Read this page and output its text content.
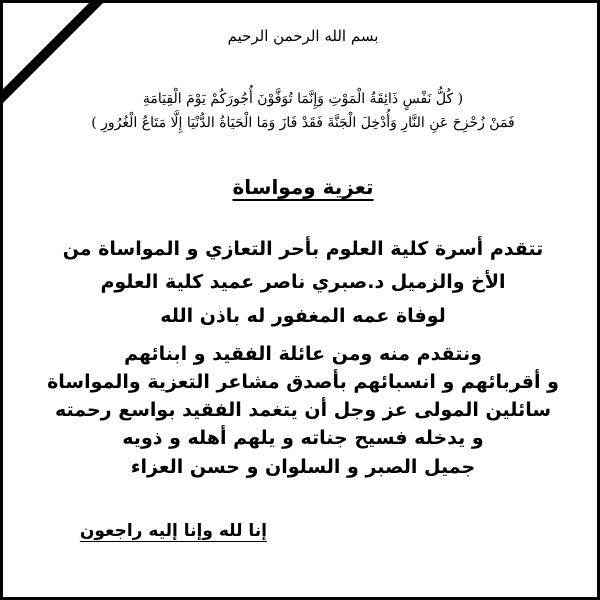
بسم الله الرحمن الرحيم
( كُلُّ نَفْسٍ ذَائِقَةُ الْمَوْتِ وَإِنَّمَا تُوَفَّوْنَ أُجُورَكُمْ يَوْمَ الْقِيَامَةِ
فَمَنْ زُحْزِحَ عَنِ النَّارِ وَأُدْخِلَ الْجَنَّةَ فَقَدْ فَازَ وَمَا الْحَيَاةُ الدُّنْيَا إِلَّا مَتَاعُ الْغُرُورِ )
تعزية ومواساة
تتقدم أسرة كلية العلوم بأحر التعازي و المواساة من
الأخ والزميل د.صبري ناصر عميد كلية العلوم
لوفاة عمه المغفور له باذن الله
ونتقدم منه ومن عائلة الفقيد و ابنائهم
و أقربائهم و انسبائهم بأصدق مشاعر التعزية والمواساة
سائلين المولى عز وجل أن يتغمد الفقيد بواسع رحمته
و يدخله فسيح جناته و يلهم أهله و ذويه
جميل الصبر و السلوان و حسن العزاء
إنا لله وإنا إليه راجعون
